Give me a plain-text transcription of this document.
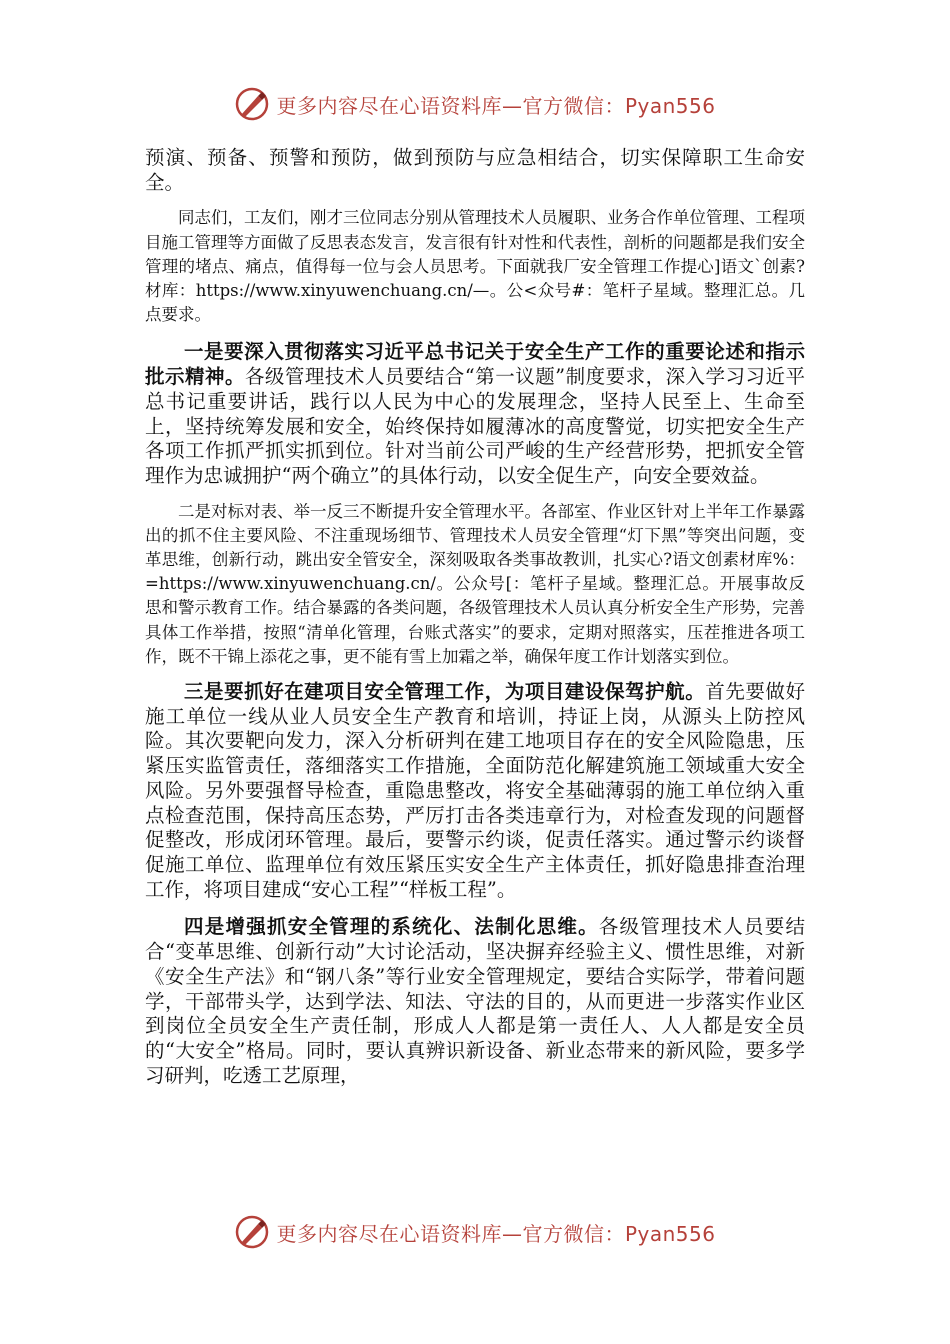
更多内容尽在心语资料库—官方微信：Pyan556

预演、预备、预警和预防，做到预防与应急相结合，切实保障职工生命安全。

同志们，工友们，刚才三位同志分别从管理技术人员履职、业务合作单位管理、工程项目施工管理等方面做了反思表态发言，发言很有针对性和代表性，剖析的问题都是我们安全管理的堵点、痛点，值得每一位与会人员思考。下面就我厂安全管理工作提心]语文`创素?材库：https://www.xinyuwenchuang.cn/—。公<众号#：笔杆子星域。整理汇总。几点要求。

一是要深入贯彻落实习近平总书记关于安全生产工作的重要论述和指示批示精神。各级管理技术人员要结合“第一议题”制度要求，深入学习习近平总书记重要讲话，践行以人民为中心的发展理念，坚持人民至上、生命至上，坚持统筹发展和安全，始终保持如履薄冰的高度警觉，切实把安全生产各项工作抓严抓实抓到位。针对当前公司严峻的生产经营形势，把抓安全管理作为忠诚拥护“两个确立”的具体行动，以安全促生产，向安全要效益。

二是对标对表、举一反三不断提升安全管理水平。各部室、作业区针对上半年工作暴露出的抓不住主要风险、不注重现场细节、管理技术人员安全管理“灯下黑”等突出问题，变革思维，创新行动，跳出安全管安全，深刻吸取各类事故教训，扎实心?语文创素材库%：=https://www.xinyuwenchuang.cn/。公众号[：笔杆子星域。整理汇总。开展事故反思和警示教育工作。结合暴露的各类问题，各级管理技术人员认真分析安全生产形势，完善具体工作举措，按照“清单化管理，台账式落实”的要求，定期对照落实，压茬推进各项工作，既不干锦上添花之事，更不能有雪上加霜之举，确保年度工作计划落实到位。

三是要抓好在建项目安全管理工作，为项目建设保驾护航。首先要做好施工单位一线从业人员安全生产教育和培训，持证上岗，从源头上防控风险。其次要靶向发力，深入分析研判在建工地项目存在的安全风险隐患，压紧压实监管责任，落细落实工作措施，全面防范化解建筑施工领域重大安全风险。另外要强督导检查，重隐患整改，将安全基础薄弱的施工单位纳入重点检查范围，保持高压态势，严厉打击各类违章行为，对检查发现的问题督促整改，形成闭环管理。最后，要警示约谈，促责任落实。通过警示约谈督促施工单位、监理单位有效压紧压实安全生产主体责任，抓好隐患排查治理工作，将项目建成“安心工程”“样板工程”。

四是增强抓安全管理的系统化、法制化思维。各级管理技术人员要结合“变革思维、创新行动”大讨论活动，坚决摒弃经验主义、惯性思维，对新《安全生产法》和“钢八条”等行业安全管理规定，要结合实际学，带着问题学，干部带头学，达到学法、知法、守法的目的，从而更进一步落实作业区到岗位全员安全生产责任制，形成人人都是第一责任人、人人都是安全员的“大安全”格局。同时，要认真辨识新设备、新业态带来的新风险，要多学习研判，吃透工艺原理，

更多内容尽在心语资料库—官方微信：Pyan556
